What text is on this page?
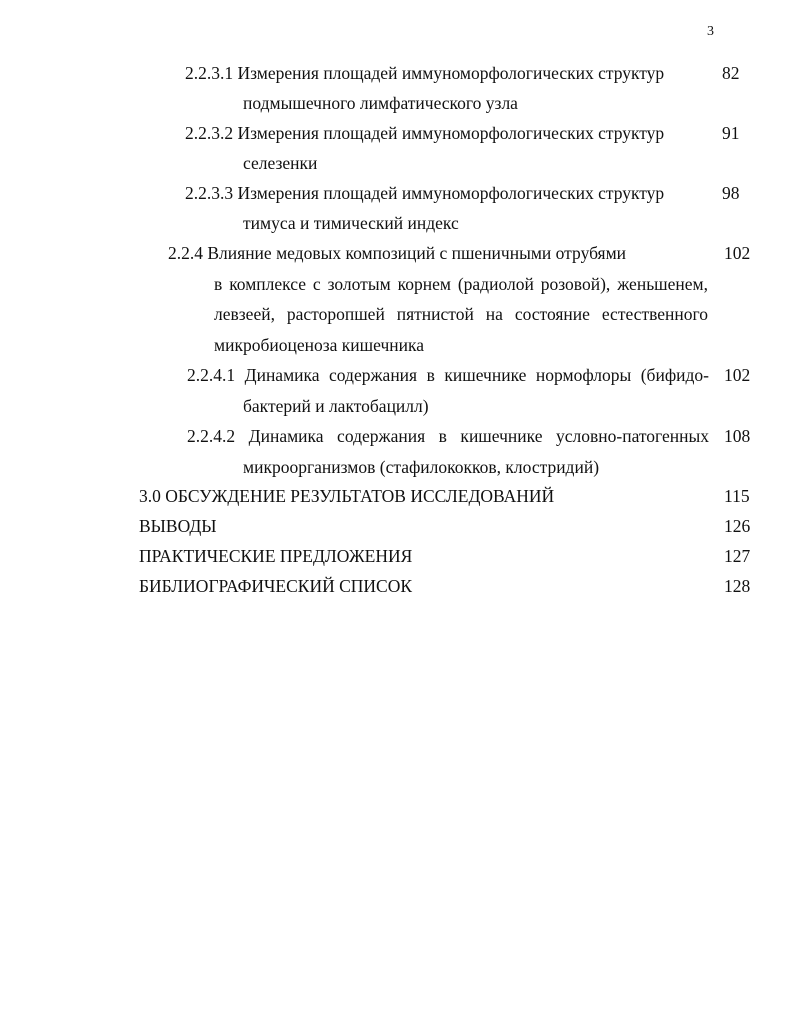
3
2.2.3.1 Измерения площадей иммуноморфологических структур	82
подмышечного лимфатического узла
2.2.3.2 Измерения площадей иммуноморфологических структур	91
селезенки
2.2.3.3 Измерения площадей иммуноморфологических структур	98
тимуса и тимический индекс
2.2.4 Влияние медовых композиций с пшеничными отрубями	102
в комплексе с золотым корнем (радиолой розовой), женьшенем,
левзеей, расторопшей пятнистой на состояние естественного
микробиоценоза кишечника
2.2.4.1 Динамика содержания в кишечнике нормофлоры (бифидо- 102
бактерий и лактобацилл)
2.2.4.2 Динамика содержания в кишечнике условно-патогенных 108
микроорганизмов (стафилококков, клостридий)
3.0 ОБСУЖДЕНИЕ РЕЗУЛЬТАТОВ ИССЛЕДОВАНИЙ	115
ВЫВОДЫ	126
ПРАКТИЧЕСКИЕ ПРЕДЛОЖЕНИЯ	127
БИБЛИОГРАФИЧЕСКИЙ СПИСОК	128
